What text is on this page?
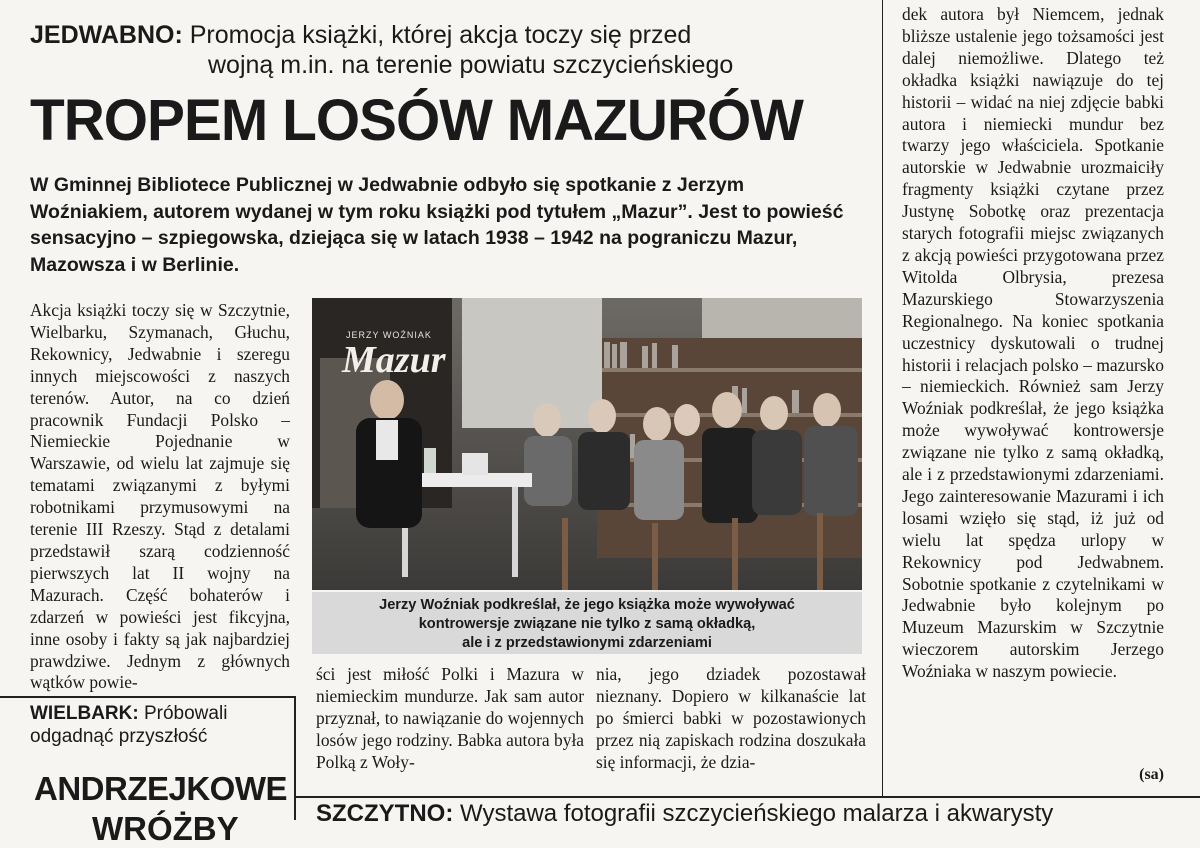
JEDWABNO: Promocja książki, której akcja toczy się przed
wojną m.in. na terenie powiatu szczycieńskiego
TROPEM LOSÓW MAZURÓW
W Gminnej Bibliotece Publicznej w Jedwabnie odbyło się spotkanie z Jerzym Woźniakiem, autorem wydanej w tym roku książki pod tytułem „Mazur”. Jest to powieść sensacyjno – szpiegowska, dziejąca się w latach 1938 – 1942 na pograniczu Mazur, Mazowsza i w Berlinie.

Akcja książki toczy się w Szczytnie, Wielbarku, Szymanach, Głuchu, Rekownicy, Jedwabnie i szeregu innych miejscowości z naszych terenów. Autor, na co dzień pracownik Fundacji Polsko – Niemieckie Pojednanie w Warszawie, od wielu lat zajmuje się tematami związanymi z byłymi robotnikami przymusowymi na terenie III Rzeszy. Stąd z detalami przedstawił szarą codzienność pierwszych lat II wojny na Mazurach. Część bohaterów i zdarzeń w powieści jest fikcyjna, inne osoby i fakty są jak najbardziej prawdziwe. Jednym z głównych wątków powie-

JERZY WOŹNIAK
Mazur
Jerzy Woźniak podkreślał, że jego książka może wywoływać
kontrowersje związane nie tylko z samą okładką,
ale i z przedstawionymi zdarzeniami

ści jest miłość Polki i Mazura w niemieckim mundurze. Jak sam autor przyznał, to nawiązanie do wojennych losów jego rodziny. Babka autora była Polką z Woły-

nia, jego dziadek pozostawał nieznany. Dopiero w kilkanaście lat po śmierci babki w pozostawionych przez nią zapiskach rodzina doszukała się informacji, że dzia-

dek autora był Niemcem, jednak bliższe ustalenie jego tożsamości jest dalej niemożliwe. Dlatego też okładka książki nawiązuje do tej historii – widać na niej zdjęcie babki autora i niemiecki mundur bez twarzy jego właściciela. Spotkanie autorskie w Jedwabnie urozmaiciły fragmenty książki czytane przez Justynę Sobotkę oraz prezentacja starych fotografii miejsc związanych z akcją powieści przygotowana przez Witolda Olbrysia, prezesa Mazurskiego Stowarzyszenia Regionalnego. Na koniec spotkania uczestnicy dyskutowali o trudnej historii i relacjach polsko – mazursko – niemieckich. Również sam Jerzy Woźniak podkreślał, że jego książka może wywoływać kontrowersje związane nie tylko z samą okładką, ale i z przedstawionymi zdarzeniami. Jego zainteresowanie Mazurami i ich losami wzięło się stąd, iż już od wielu lat spędza urlopy w Rekownicy pod Jedwabnem. Sobotnie spotkanie z czytelnikami w Jedwabnie było kolejnym po Muzeum Mazurskim w Szczytnie wieczorem autorskim Jerzego Woźniaka w naszym powiecie.

(sa)
WIELBARK: Próbowali odgadnąć przyszłość
ANDRZEJKOWE
WRÓŻBY	SZCZYTNO: Wystawa fotografii szczycieńskiego malarza i akwarysty
